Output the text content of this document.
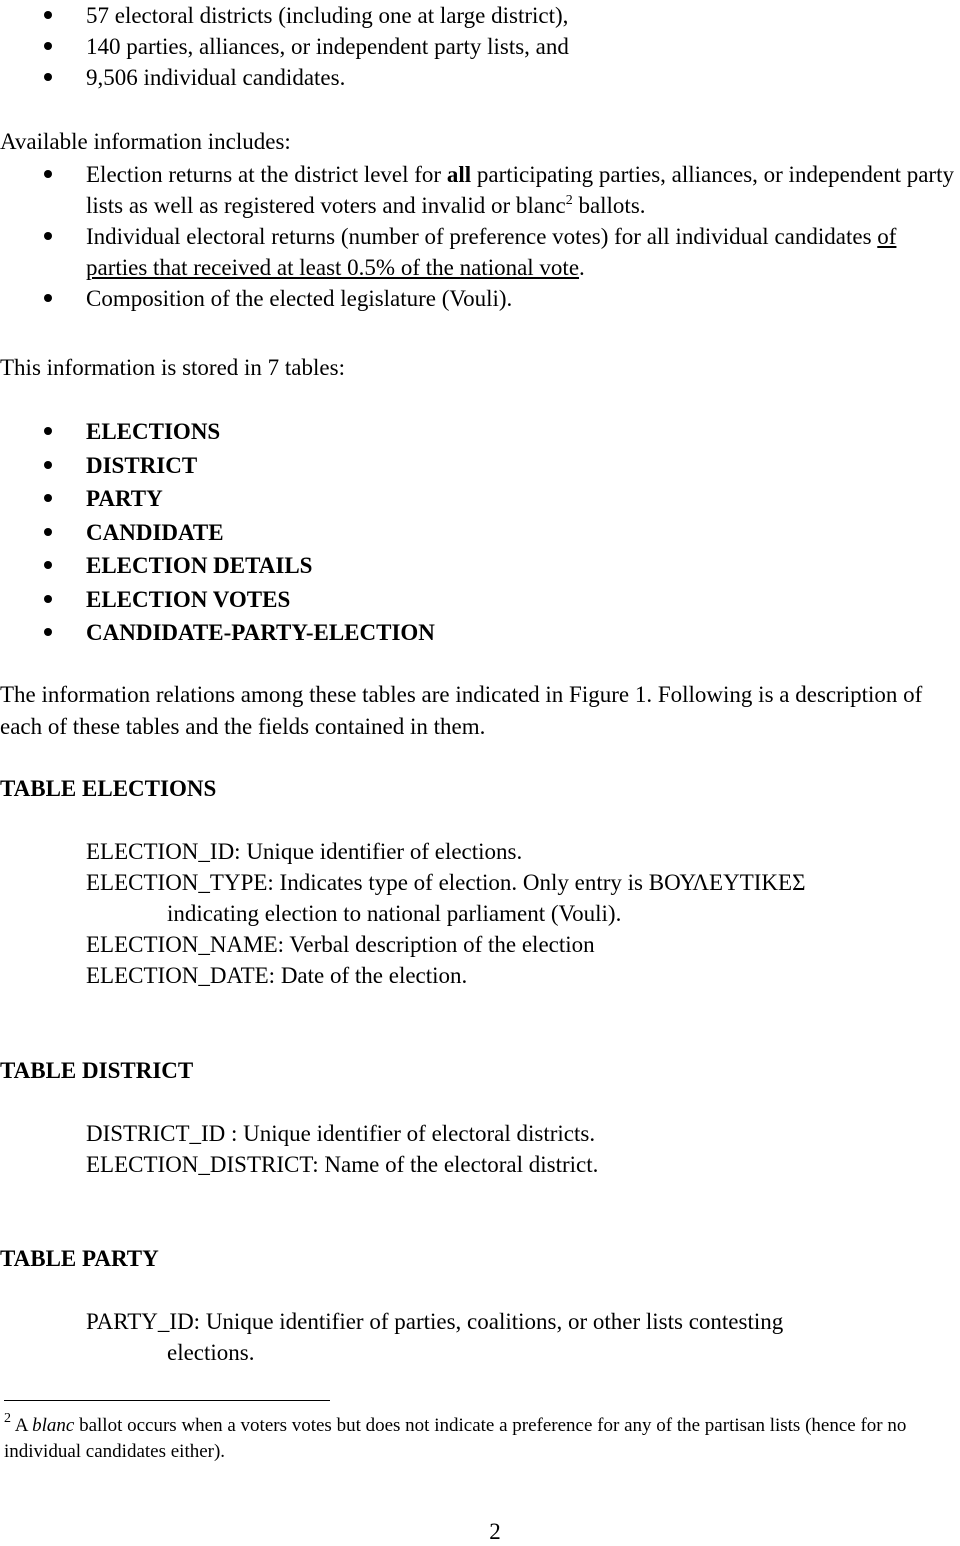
57 electoral districts (including one at large district),
140 parties, alliances, or independent party lists, and
9,506 individual candidates.

Available information includes:

Election returns at the district level for all participating parties, alliances, or independent party lists as well as registered voters and invalid or blanc$^2$ ballots.
Individual electoral returns (number of preference votes) for all individual candidates of parties that received at least 0.5% of the national vote.
Composition of the elected legislature (Vouli).

This information is stored in 7 tables:

ELECTIONS
DISTRICT
PARTY
CANDIDATE
ELECTION DETAILS
ELECTION VOTES
CANDIDATE-PARTY-ELECTION

The information relations among these tables are indicated in Figure 1. Following is a description of each of these tables and the fields contained in them.

TABLE ELECTIONS

ELECTION_ID: Unique identifier of elections.
ELECTION_TYPE: Indicates type of election. Only entry is ΒΟΥΛΕΥΤΙΚΕΣ
indicating election to national parliament (Vouli).
ELECTION_NAME: Verbal description of the election
ELECTION_DATE: Date of the election.

TABLE DISTRICT

DISTRICT_ID : Unique identifier of electoral districts.
ELECTION_DISTRICT: Name of the electoral district.

TABLE PARTY

PARTY_ID: Unique identifier of parties, coalitions, or other lists contesting
elections.
$^2$ A blanc ballot occurs when a voters votes but does not indicate a preference for any of the partisan lists (hence for no individual candidates either).
2
